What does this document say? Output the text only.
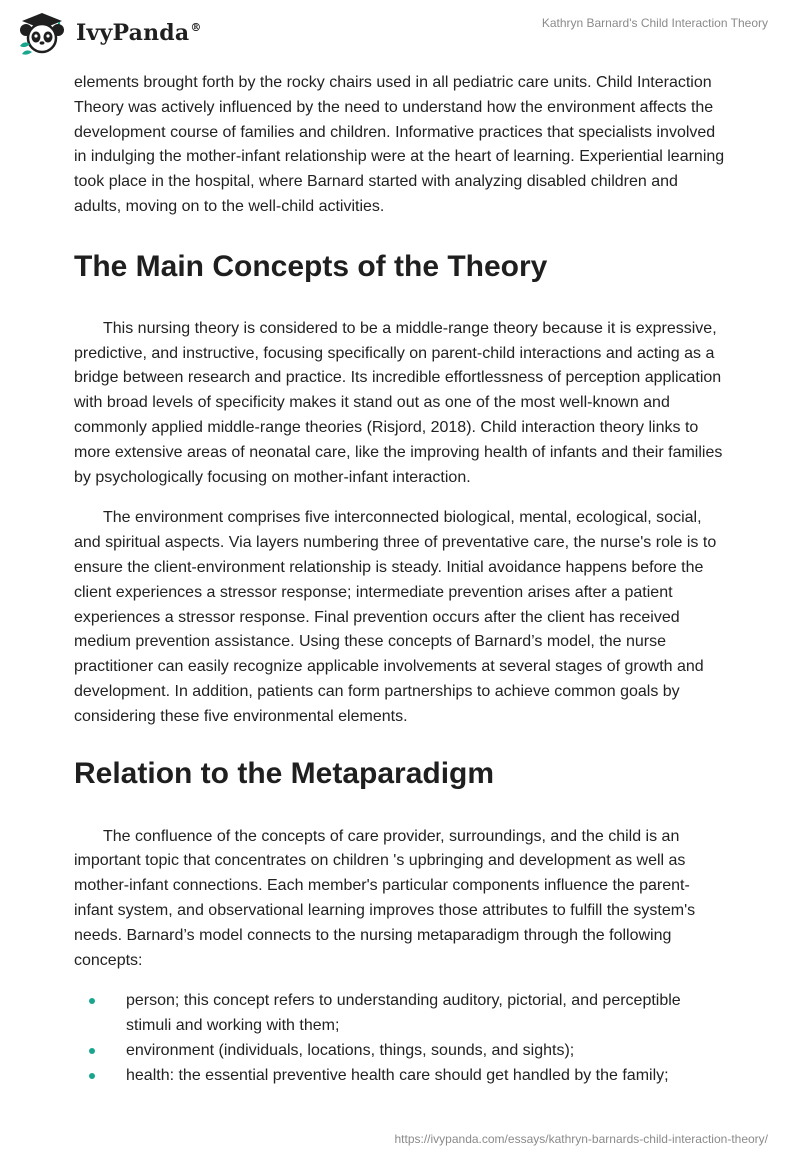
IvyPanda®	Kathryn Barnard's Child Interaction Theory

elements brought forth by the rocky chairs used in all pediatric care units. Child Interaction Theory was actively influenced by the need to understand how the environment affects the development course of families and children. Informative practices that specialists involved in indulging the mother-infant relationship were at the heart of learning. Experiential learning took place in the hospital, where Barnard started with analyzing disabled children and adults, moving on to the well-child activities.

The Main Concepts of the Theory

This nursing theory is considered to be a middle-range theory because it is expressive, predictive, and instructive, focusing specifically on parent-child interactions and acting as a bridge between research and practice. Its incredible effortlessness of perception application with broad levels of specificity makes it stand out as one of the most well-known and commonly applied middle-range theories (Risjord, 2018). Child interaction theory links to more extensive areas of neonatal care, like the improving health of infants and their families by psychologically focusing on mother-infant interaction.

The environment comprises five interconnected biological, mental, ecological, social, and spiritual aspects. Via layers numbering three of preventative care, the nurse's role is to ensure the client-environment relationship is steady. Initial avoidance happens before the client experiences a stressor response; intermediate prevention arises after a patient experiences a stressor response. Final prevention occurs after the client has received medium prevention assistance. Using these concepts of Barnard’s model, the nurse practitioner can easily recognize applicable involvements at several stages of growth and development. In addition, patients can form partnerships to achieve common goals by considering these five environmental elements.

Relation to the Metaparadigm

The confluence of the concepts of care provider, surroundings, and the child is an important topic that concentrates on children 's upbringing and development as well as mother-infant connections. Each member's particular components influence the parent-infant system, and observational learning improves those attributes to fulfill the system's needs. Barnard’s model connects to the nursing metaparadigm through the following concepts:

person; this concept refers to understanding auditory, pictorial, and perceptible stimuli and working with them;
environment (individuals, locations, things, sounds, and sights);
health: the essential preventive health care should get handled by the family;
https://ivypanda.com/essays/kathryn-barnards-child-interaction-theory/
